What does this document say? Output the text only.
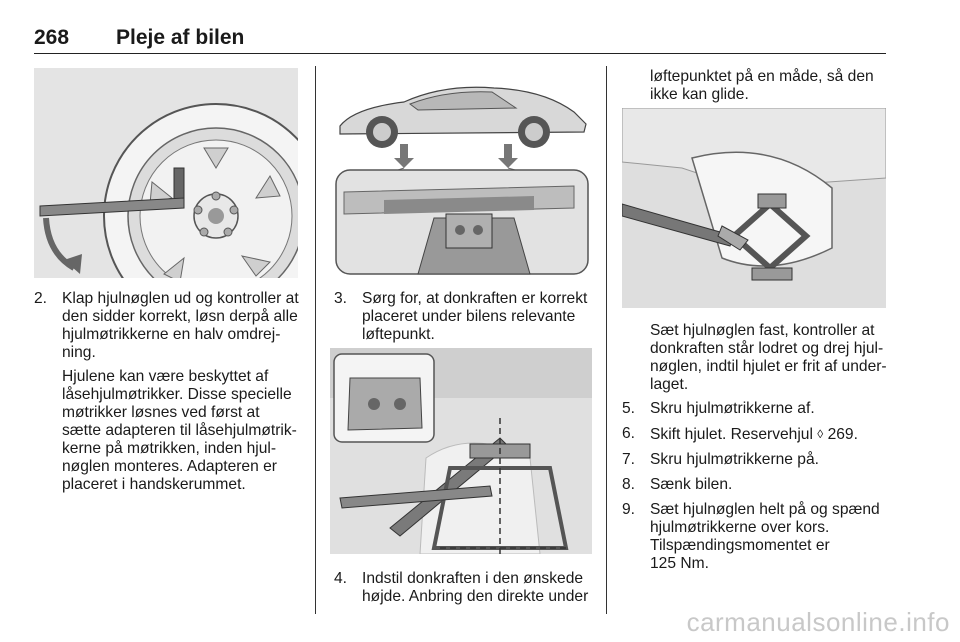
268 Pleje af bilen
2. Klap hjulnøglen ud og kontroller at den sidder korrekt, løsn derpå alle hjulmøtrikkerne en halv omdrej- ning.
Hjulene kan være beskyttet af låsehjulmøtrikker. Disse specielle møtrikker løsnes ved først at sætte adapteren til låsehjulmøtrik- kerne på møtrikken, inden hjul- nøglen monteres. Adapteren er placeret i handskerummet.
3. Sørg for, at donkraften er korrekt placeret under bilens relevante løftepunkt.
4. Indstil donkraften i den ønskede højde. Anbring den direkte under
løftepunktet på en måde, så den ikke kan glide.
Sæt hjulnøglen fast, kontroller at donkraften står lodret og drej hjul- nøglen, indtil hjulet er frit af under- laget.
5. Skru hjulmøtrikkerne af.
6. Skift hjulet. Reservehjul ◊ 269.
7. Skru hjulmøtrikkerne på.
8. Sænk bilen.
9. Sæt hjulnøglen helt på og spænd hjulmøtrikkerne over kors.
Tilspændingsmomentet er
125 Nm.
carmanualsonline.info
